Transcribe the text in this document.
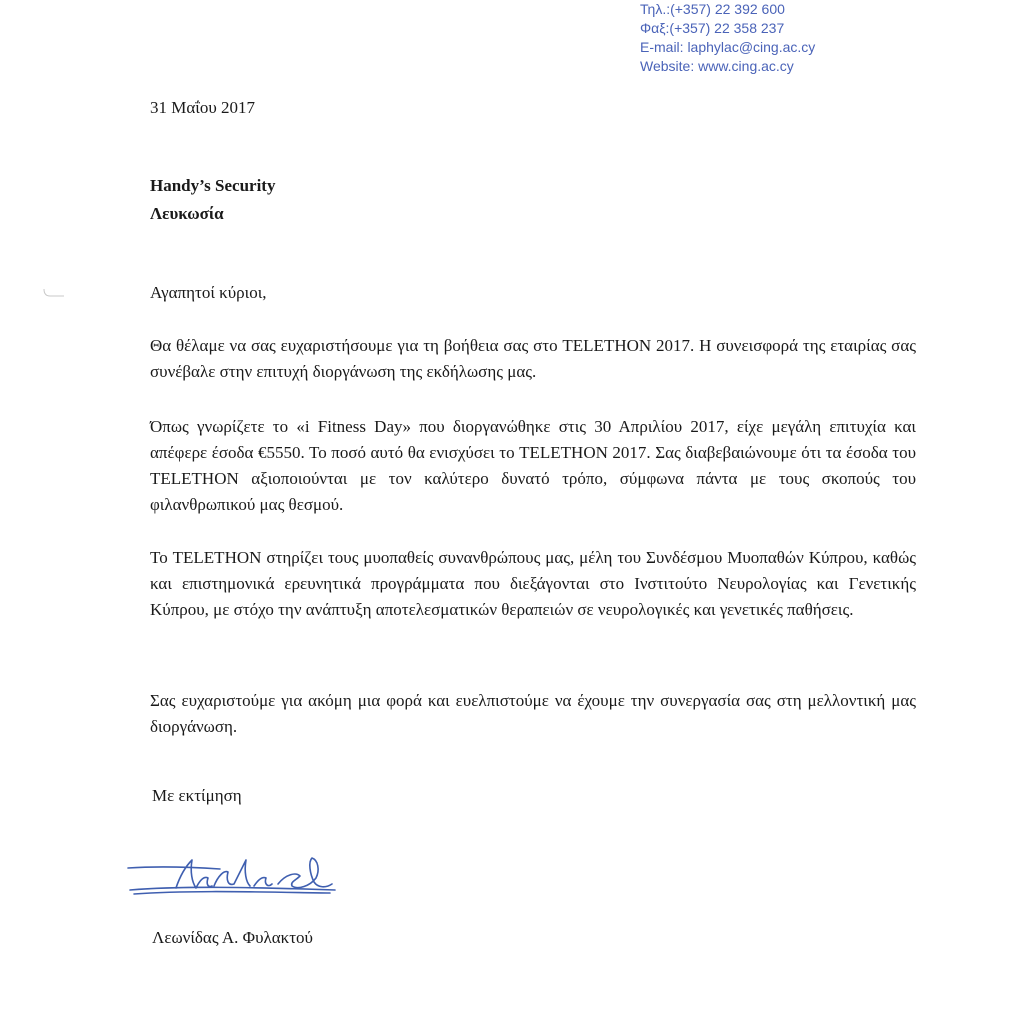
Τηλ.:(+357) 22 392 600
Φαξ:(+357) 22 358 237
E-mail: laphylac@cing.ac.cy
Website: www.cing.ac.cy
31 Μαΐου 2017
Handy’s Security
Λευκωσία
Αγαπητοί κύριοι,
Θα θέλαμε να σας ευχαριστήσουμε για τη βοήθεια σας στο TELETHON 2017. Η συνεισφορά της εταιρίας σας συνέβαλε στην επιτυχή διοργάνωση της εκδήλωσης μας.
Όπως γνωρίζετε το «i Fitness Day» που διοργανώθηκε στις 30 Απριλίου 2017, είχε μεγάλη επιτυχία και απέφερε έσοδα €5550. Το ποσό αυτό θα ενισχύσει το TELETHON 2017. Σας διαβεβαιώνουμε ότι τα έσοδα του TELETHON αξιοποιούνται με τον καλύτερο δυνατό τρόπο, σύμφωνα πάντα με τους σκοπούς του φιλανθρωπικού μας θεσμού.
Το TELETHON στηρίζει τους μυοπαθείς συνανθρώπους μας, μέλη του Συνδέσμου Μυοπαθών Κύπρου, καθώς και επιστημονικά ερευνητικά προγράμματα που διεξάγονται στο Ινστιτούτο Νευρολογίας και Γενετικής Κύπρου, με στόχο την ανάπτυξη αποτελεσματικών θεραπειών σε νευρολογικές και γενετικές παθήσεις.
Σας ευχαριστούμε για ακόμη μια φορά και ευελπιστούμε να έχουμε την συνεργασία σας στη μελλοντική μας διοργάνωση.
Με εκτίμηση
Λεωνίδας Α. Φυλακτού
